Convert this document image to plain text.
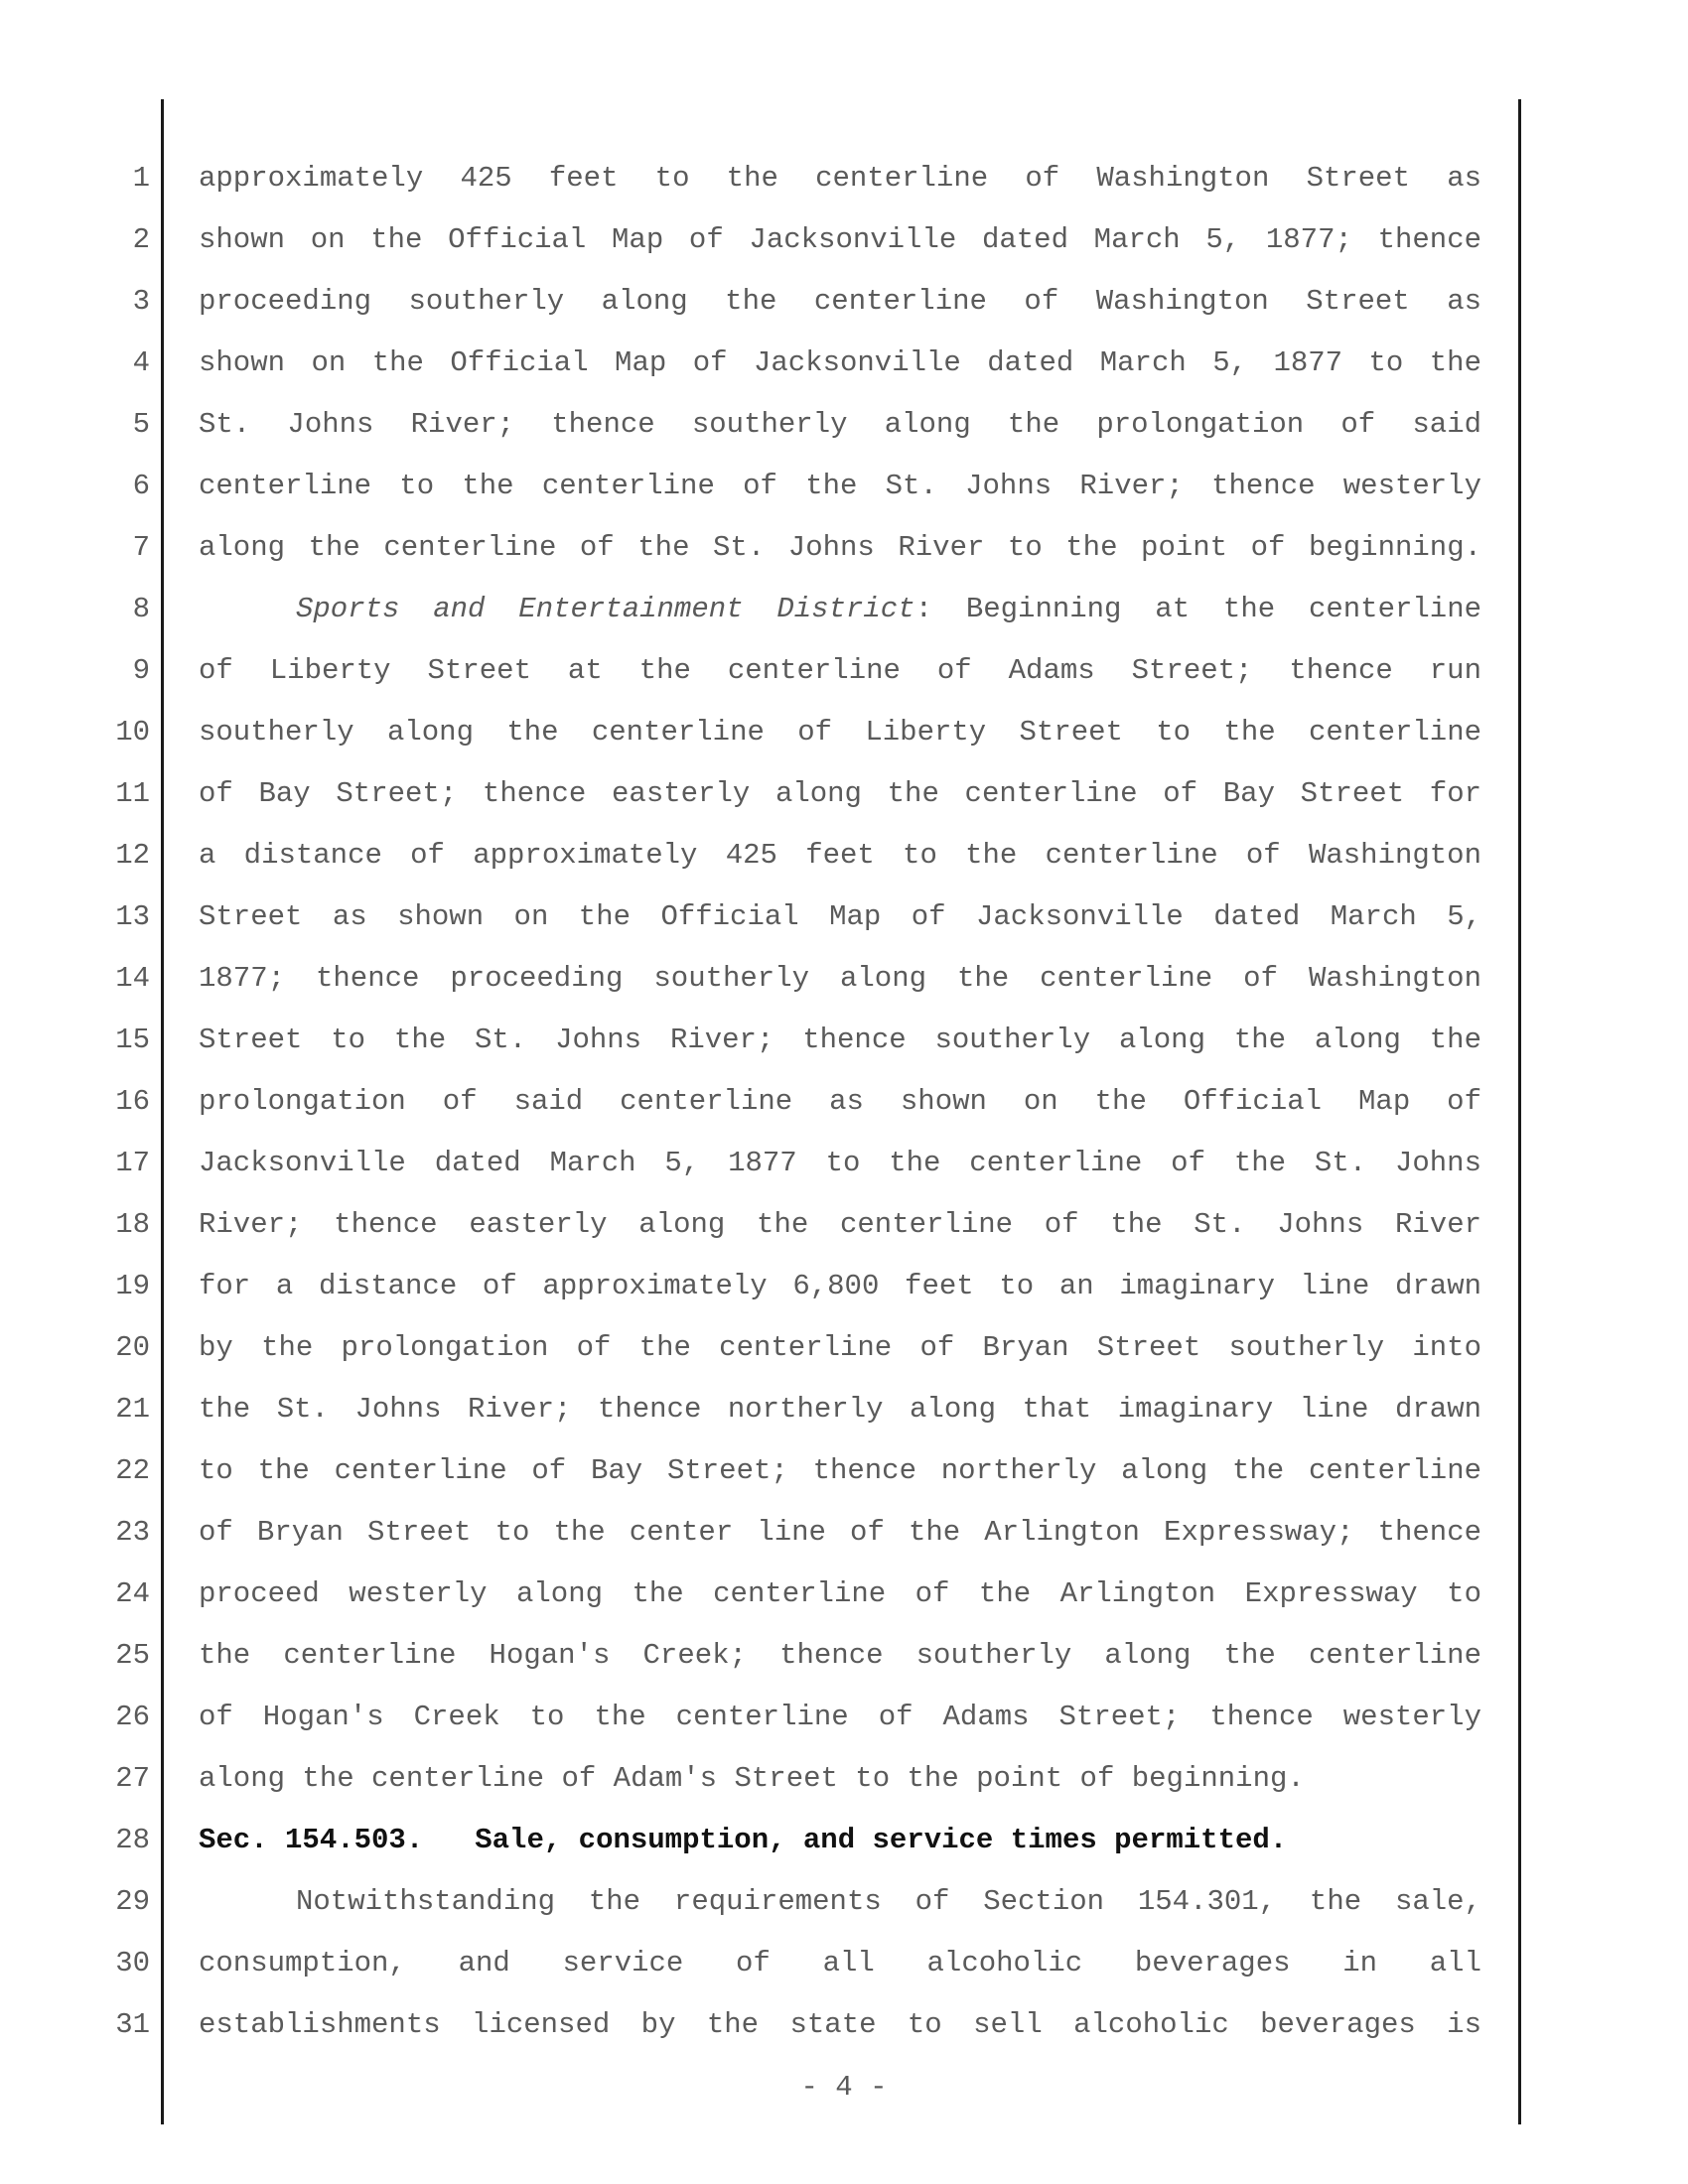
1 approximately 425 feet to the centerline of Washington Street as
2 shown on the Official Map of Jacksonville dated March 5, 1877; thence
3 proceeding southerly along the centerline of Washington Street as
4 shown on the Official Map of Jacksonville dated March 5, 1877 to the
5 St. Johns River; thence southerly along the prolongation of said
6 centerline to the centerline of the St. Johns River; thence westerly
7 along the centerline of the St. Johns River to the point of beginning.
8	Sports and Entertainment District: Beginning at the centerline
9 of Liberty Street at the centerline of Adams Street; thence run
10 southerly along the centerline of Liberty Street to the centerline
11 of Bay Street; thence easterly along the centerline of Bay Street for
12 a distance of approximately 425 feet to the centerline of Washington
13 Street as shown on the Official Map of Jacksonville dated March 5,
14 1877; thence proceeding southerly along the centerline of Washington
15 Street to the St. Johns River; thence southerly along the along the
16 prolongation of said centerline as shown on the Official Map of
17 Jacksonville dated March 5, 1877 to the centerline of the St. Johns
18 River; thence easterly along the centerline of the St. Johns River
19 for a distance of approximately 6,800 feet to an imaginary line drawn
20 by the prolongation of the centerline of Bryan Street southerly into
21 the St. Johns River; thence northerly along that imaginary line drawn
22 to the centerline of Bay Street; thence northerly along the centerline
23 of Bryan Street to the center line of the Arlington Expressway; thence
24 proceed westerly along the centerline of the Arlington Expressway to
25 the centerline Hogan's Creek; thence southerly along the centerline
26 of Hogan's Creek to the centerline of Adams Street; thence westerly
27 along the centerline of Adam's Street to the point of beginning.
28 Sec. 154.503. Sale, consumption, and service times permitted.
29	Notwithstanding the requirements of Section 154.301, the sale,
30 consumption, and service of all alcoholic beverages in all
31 establishments licensed by the state to sell alcoholic beverages is
- 4 -
